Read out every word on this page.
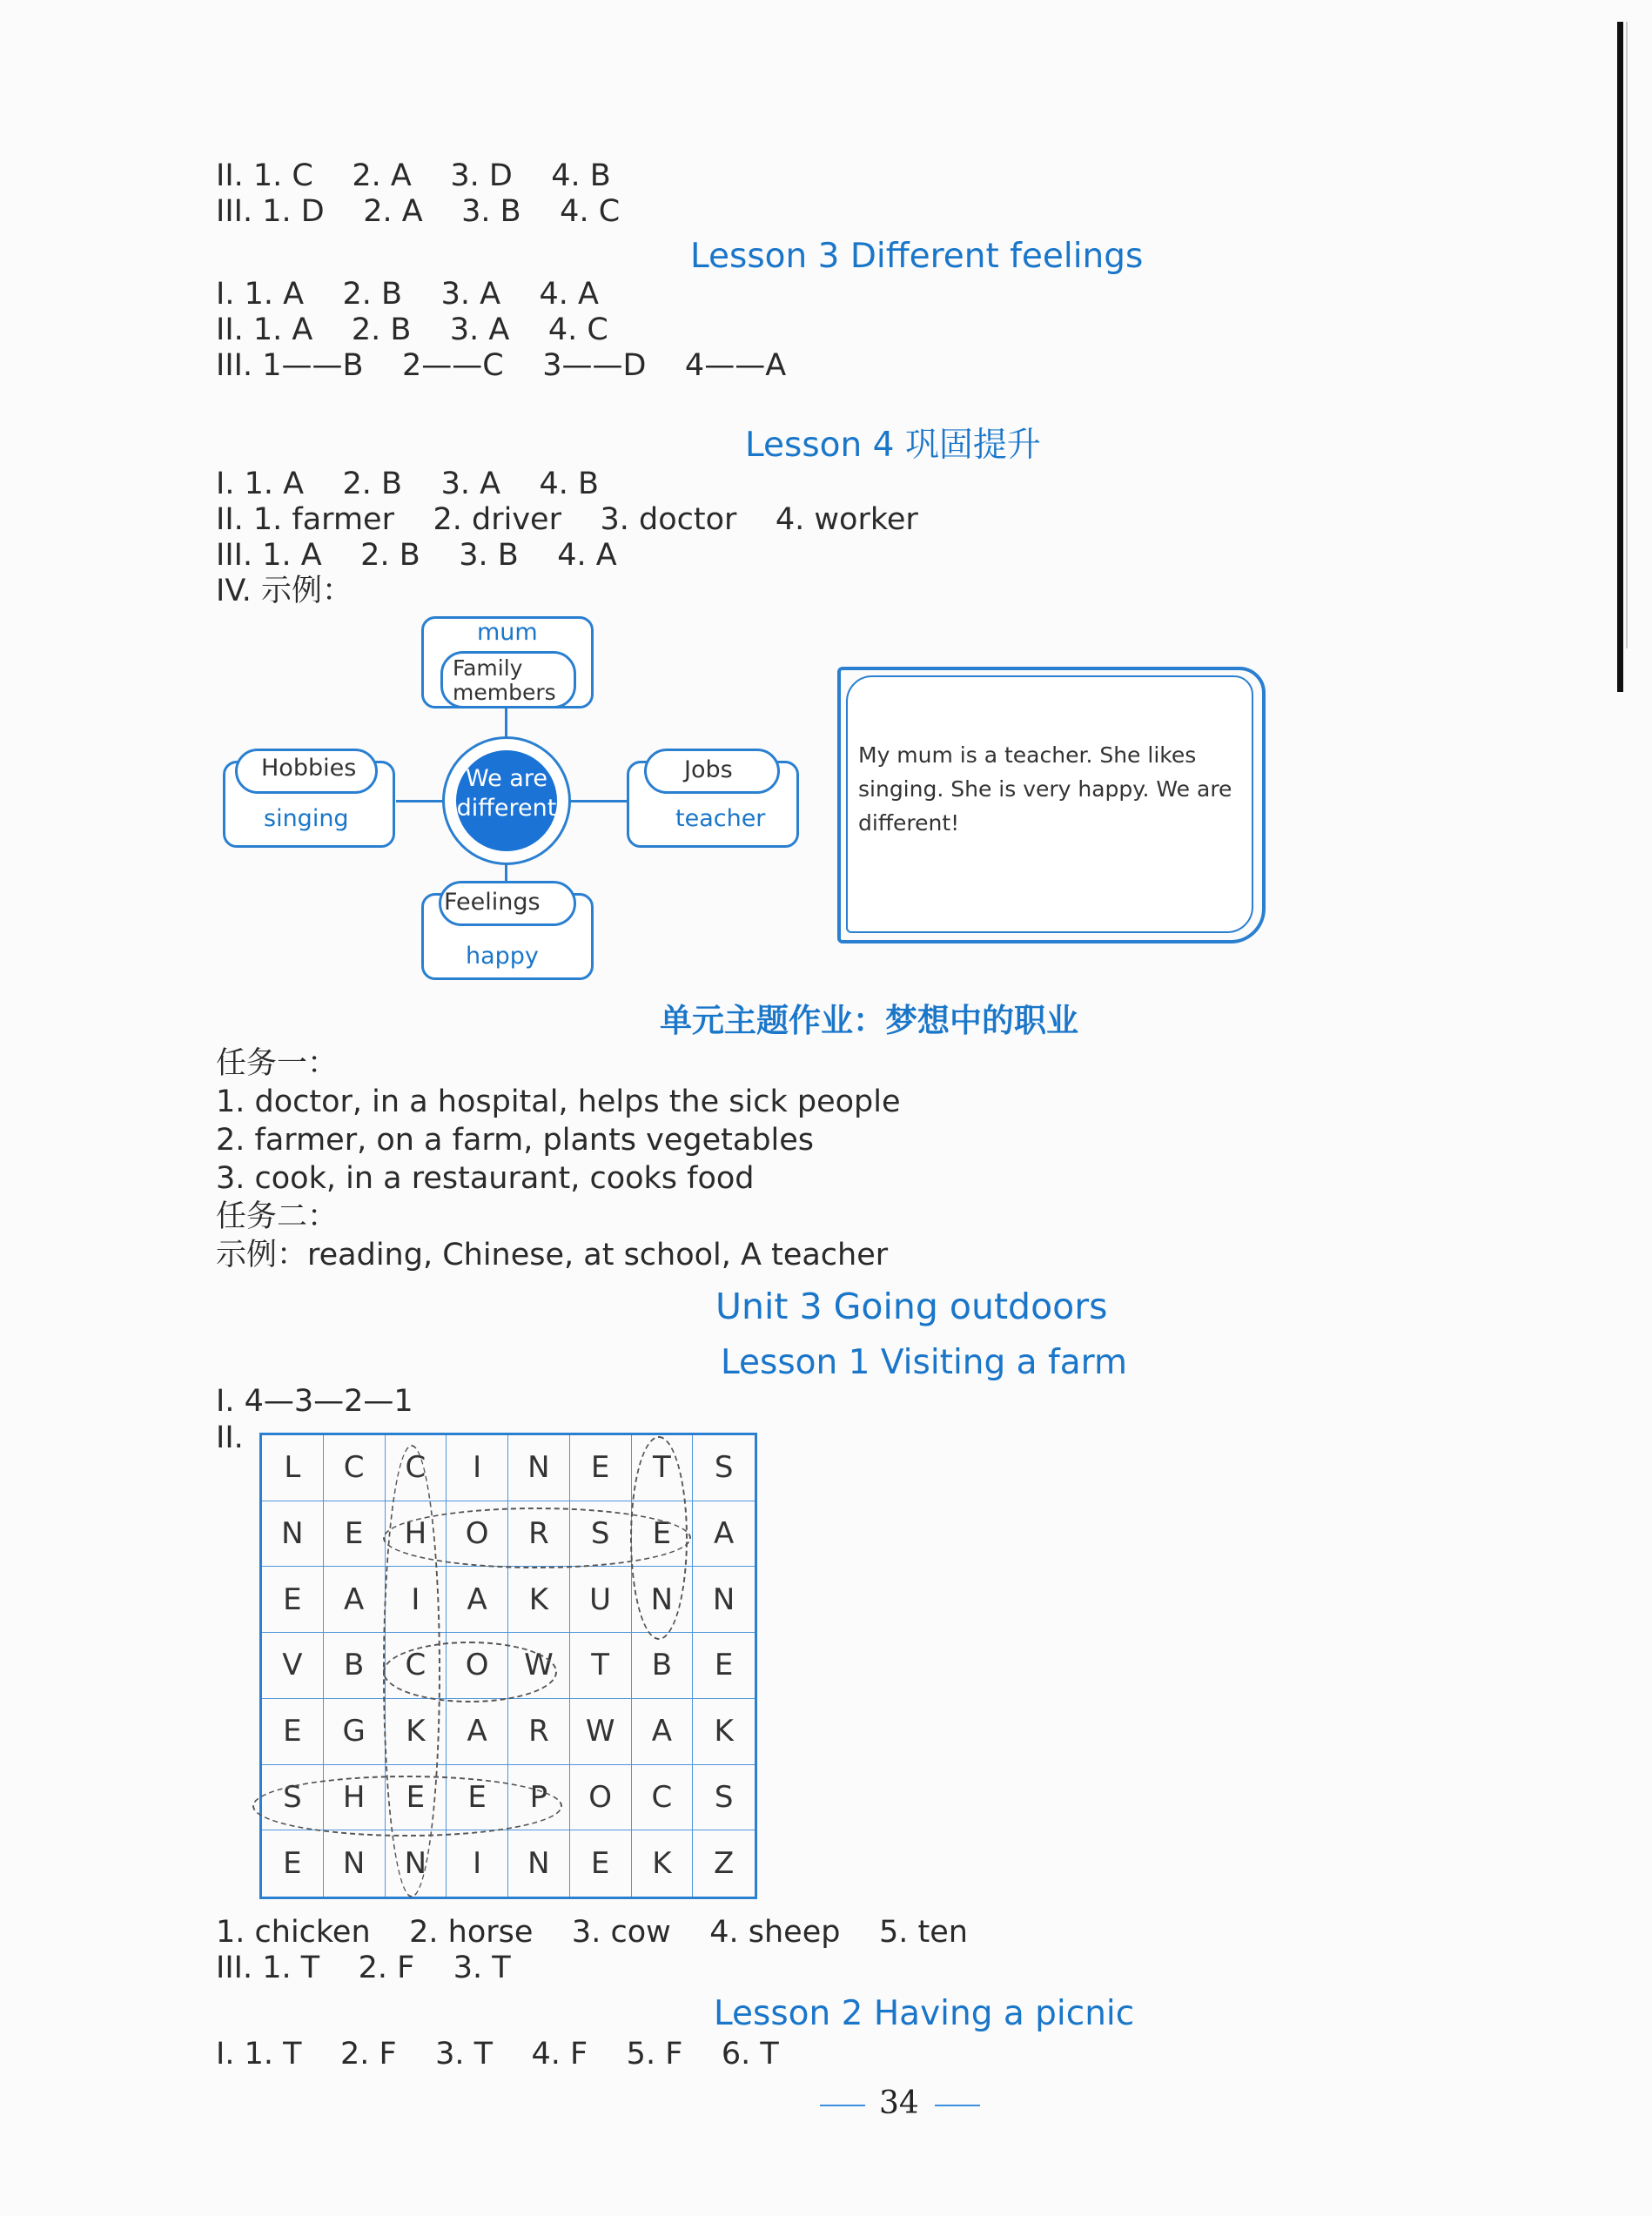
II. 1. C    2. A    3. D    4. B
III. 1. D    2. A    3. B    4. C
Lesson 3 Different feelings
I. 1. A    2. B    3. A    4. A
II. 1. A    2. B    3. A    4. C
III. 1——B    2——C    3——D    4——A
Lesson 4 巩固提升
I. 1. A    2. B    3. A    4. B
II. 1. farmer    2. driver    3. doctor    4. worker
III. 1. A    2. B    3. B    4. A
IV. 示例：
mum
Family
members
Hobbies
singing
Jobs
teacher
Feelings
happy
We are different
My mum is a teacher. She likes singing. She is very happy. We are different!
单元主题作业：梦想中的职业
任务一：
1. doctor, in a hospital, helps the sick people
2. farmer, on a farm, plants vegetables
3. cook, in a restaurant, cooks food
任务二：
示例：reading, Chinese, at school, A teacher
Unit 3 Going outdoors
Lesson 1 Visiting a farm
I. 4—3—2—1
II.
L	C	C	I	N	E	T	S
N	E	H	O	R	S	E	A
E	A	I	A	K	U	N	N
V	B	C	O	W	T	B	E
E	G	K	A	R	W	A	K
S	H	E	E	P	O	C	S
E	N	N	I	N	E	K	Z
1. chicken    2. horse    3. cow    4. sheep    5. ten
III. 1. T    2. F    3. T
Lesson 2 Having a picnic
I. 1. T    2. F    3. T    4. F    5. F    6. T
34
